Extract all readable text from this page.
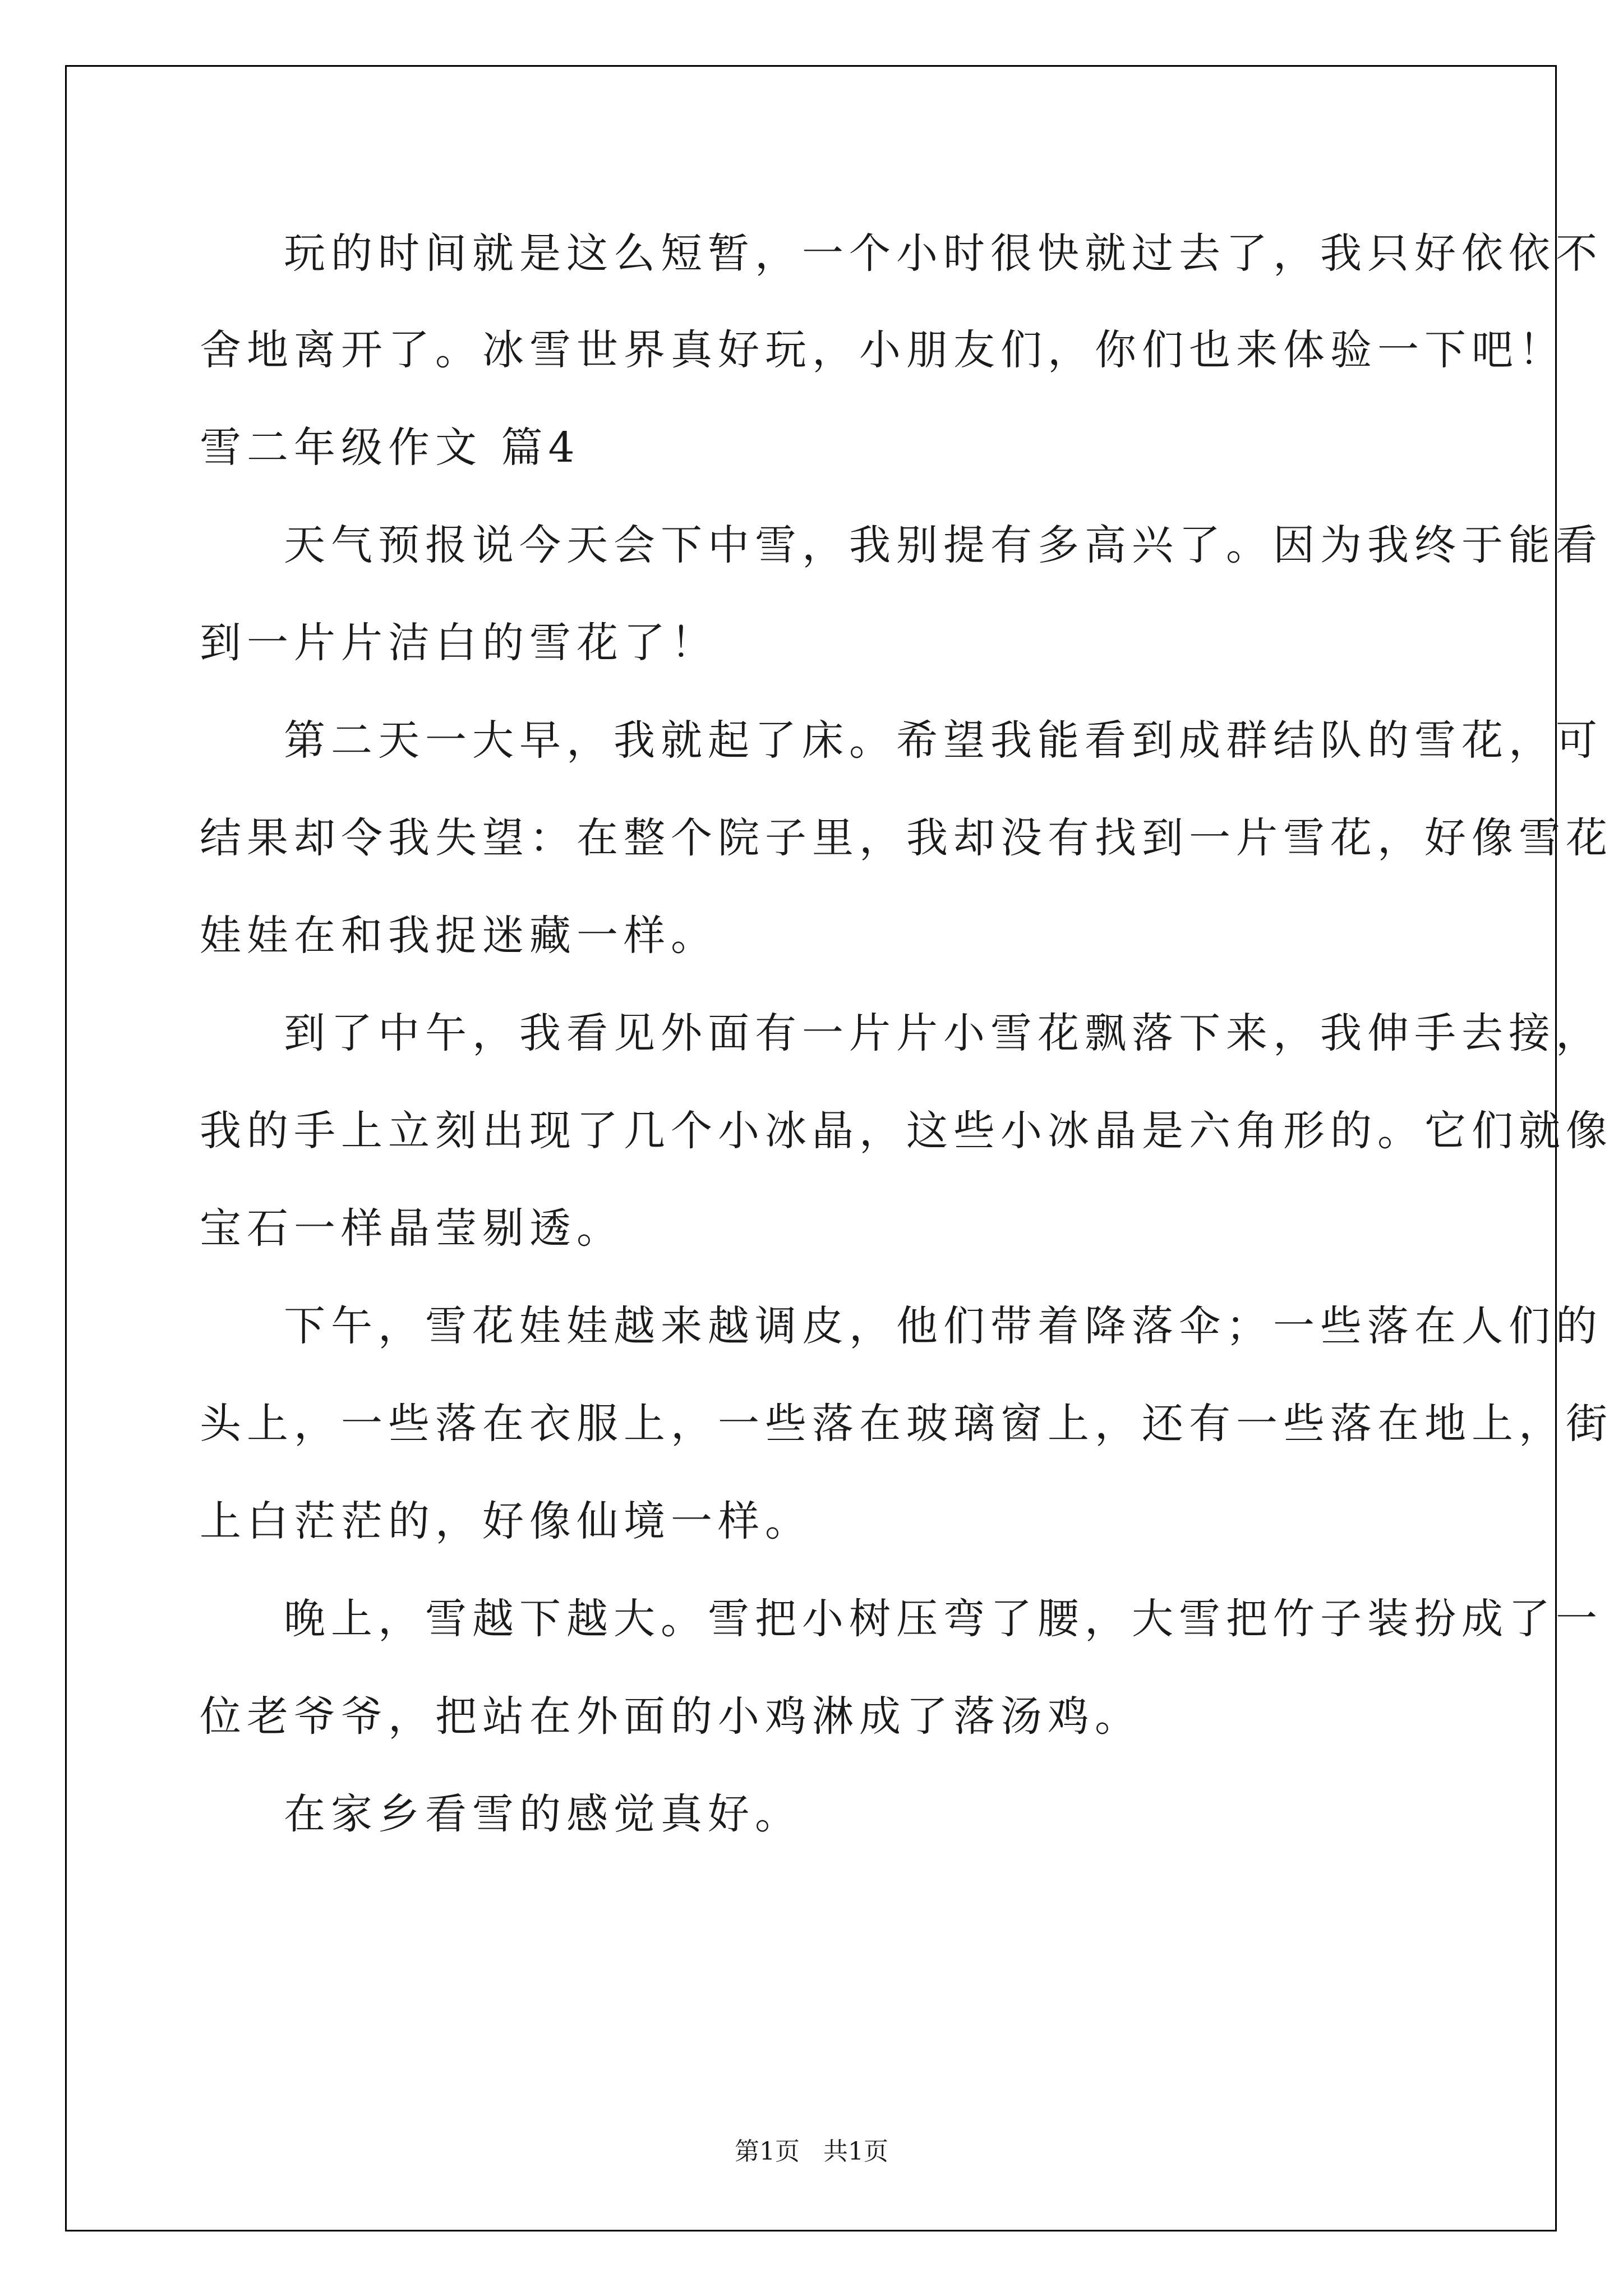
玩的时间就是这么短暂，一个小时很快就过去了，我只好依依不
舍地离开了。冰雪世界真好玩，小朋友们，你们也来体验一下吧！
雪二年级作文 篇4
天气预报说今天会下中雪，我别提有多高兴了。因为我终于能看
到一片片洁白的雪花了！
第二天一大早，我就起了床。希望我能看到成群结队的雪花，可
结果却令我失望：在整个院子里，我却没有找到一片雪花，好像雪花
娃娃在和我捉迷藏一样。
到了中午，我看见外面有一片片小雪花飘落下来，我伸手去接，
我的手上立刻出现了几个小冰晶，这些小冰晶是六角形的。它们就像
宝石一样晶莹剔透。
下午，雪花娃娃越来越调皮，他们带着降落伞；一些落在人们的
头上，一些落在衣服上，一些落在玻璃窗上，还有一些落在地上，街
上白茫茫的，好像仙境一样。
晚上，雪越下越大。雪把小树压弯了腰，大雪把竹子装扮成了一
位老爷爷，把站在外面的小鸡淋成了落汤鸡。
在家乡看雪的感觉真好。
第1页   共1页
